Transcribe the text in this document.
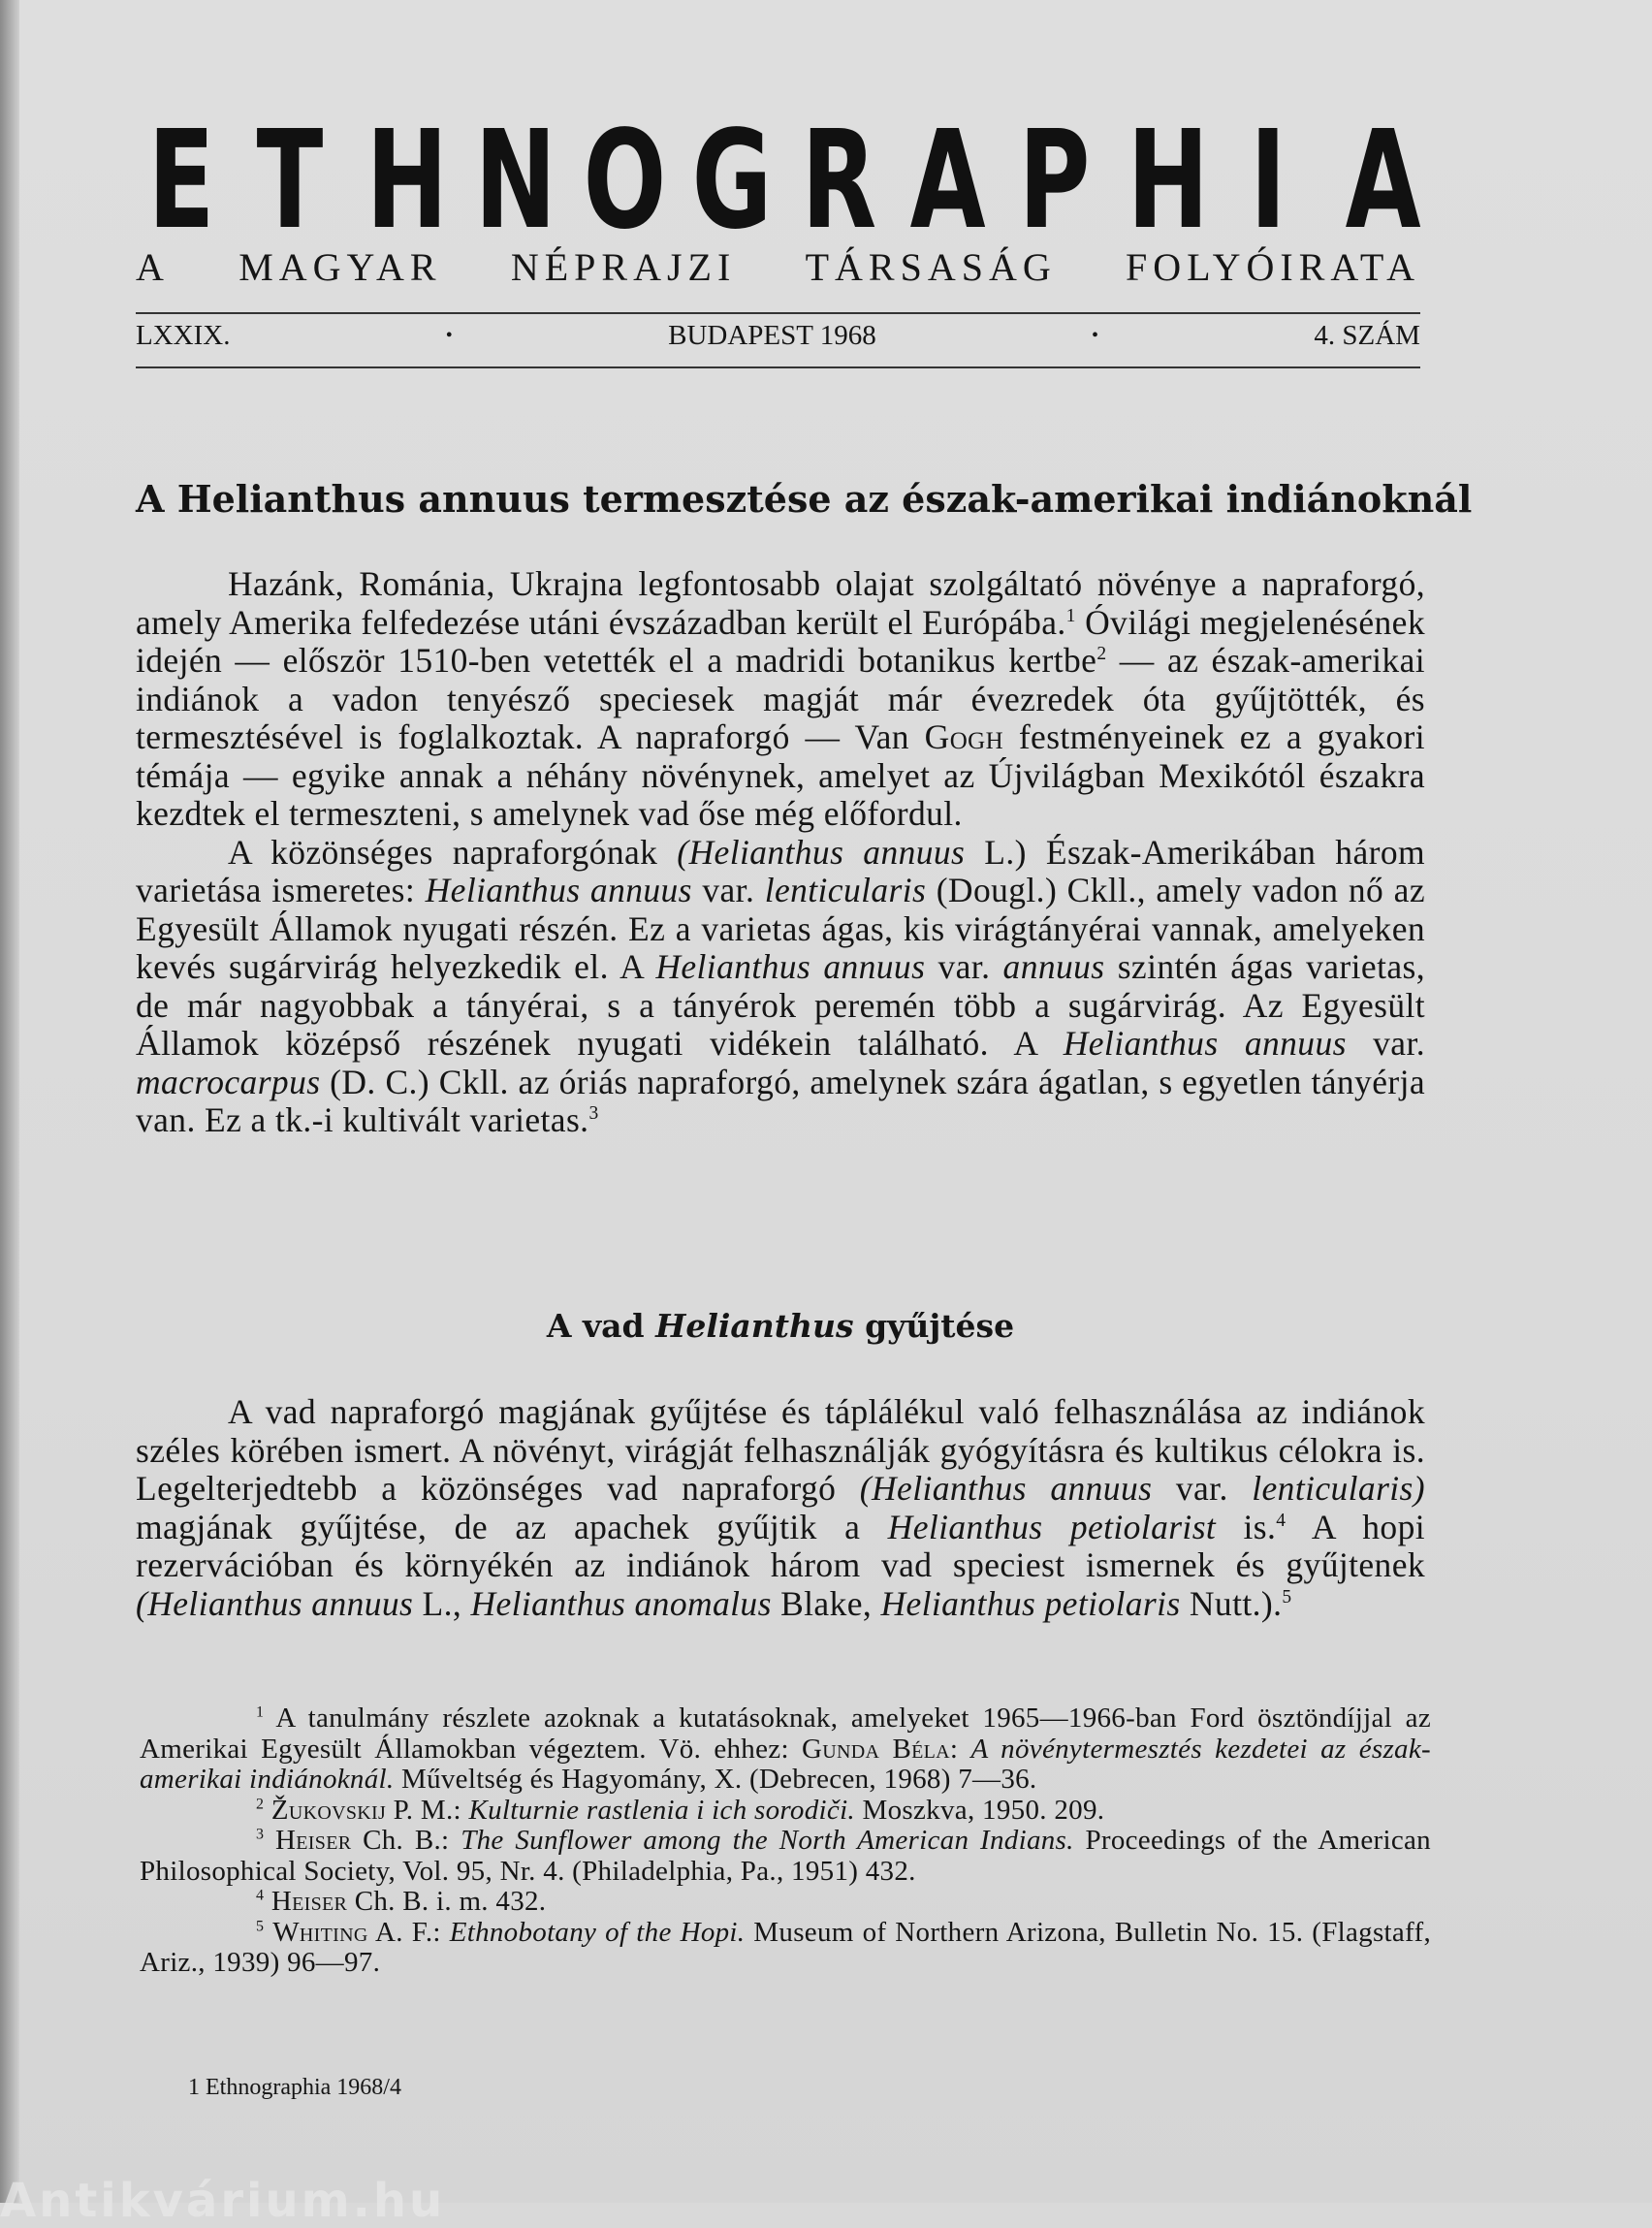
E T H N O G R A P H I A
A MAGYAR NÉPRAJZI TÁRSASÁG FOLYÓIRATA
LXXIX.	•	BUDAPEST 1968	•	4. SZÁM
A Helianthus annuus termesztése az észak-amerikai indiánoknál

Hazánk, Románia, Ukrajna legfontosabb olajat szolgáltató növénye a napraforgó, amely Amerika felfedezése utáni évszázadban került el Európába.$^1$ Óvilági megjelenésének idején — először 1510-ben vetették el a madridi botanikus kertbe$^2$ — az észak-amerikai indiánok a vadon tenyésző speciesek magját már évezredek óta gyűjtötték, és termesztésével is foglalkoztak. A napraforgó — Van Gogh festményeinek ez a gyakori témája — egyike annak a néhány növénynek, amelyet az Újvilágban Mexikótól északra kezdtek el termeszteni, s amelynek vad őse még előfordul.

A közönséges napraforgónak (Helianthus annuus L.) Észak-Amerikában három varietása ismeretes: Helianthus annuus var. lenticularis (Dougl.) Ckll., amely vadon nő az Egyesült Államok nyugati részén. Ez a varietas ágas, kis virágtányérai vannak, amelyeken kevés sugárvirág helyezkedik el. A Helianthus annuus var. annuus szintén ágas varietas, de már nagyobbak a tányérai, s a tányérok peremén több a sugárvirág. Az Egyesült Államok középső részének nyugati vidékein található. A Helianthus annuus var. macrocarpus (D. C.) Ckll. az óriás napraforgó, amelynek szára ágatlan, s egyetlen tányérja van. Ez a tk.-i kultivált varietas.$^3$

A vad Helianthus gyűjtése

A vad napraforgó magjának gyűjtése és táplálékul való felhasználása az indiánok széles körében ismert. A növényt, virágját felhasználják gyógyításra és kultikus célokra is. Legelterjedtebb a közönséges vad napraforgó (Helianthus annuus var. lenticularis) magjának gyűjtése, de az apachek gyűjtik a Helianthus petiolarist is.$^4$ A hopi rezervációban és környékén az indiánok három vad speciest ismernek és gyűjtenek (Helianthus annuus L., Helianthus anomalus Blake, Helianthus petiolaris Nutt.).$^5$

$^1$ A tanulmány részlete azoknak a kutatásoknak, amelyeket 1965—1966-ban Ford ösztöndíjjal az Amerikai Egyesült Államokban végeztem. Vö. ehhez: Gunda Béla: A növénytermesztés kezdetei az észak-amerikai indiánoknál. Műveltség és Hagyomány, X. (Debrecen, 1968) 7—36.

$^2$ Žukovskij P. M.: Kulturnie rastlenia i ich sorodiči. Moszkva, 1950. 209.

$^3$ Heiser Ch. B.: The Sunflower among the North American Indians. Proceedings of the American Philosophical Society, Vol. 95, Nr. 4. (Philadelphia, Pa., 1951) 432.

$^4$ Heiser Ch. B. i. m. 432.

$^5$ Whiting A. F.: Ethnobotany of the Hopi. Museum of Northern Arizona, Bulletin No. 15. (Flagstaff, Ariz., 1939) 96—97.

1 Ethnographia 1968/4
Antikvárium.hu
